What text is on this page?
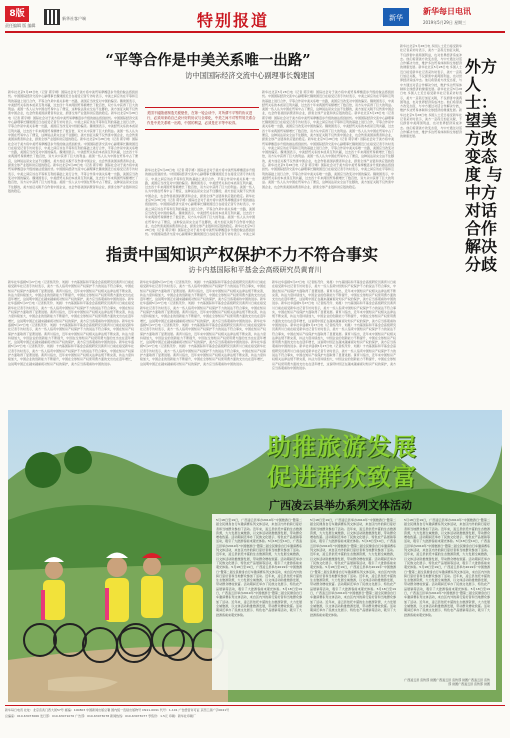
8版
责任编辑 版 编辑
新华社客户端	特别报道	新华
新华每日电讯
2019年5月29日 星期三
“平等合作是中美关系唯一出路”
访中国国际经济交流中心副理事长魏建国
新华社北京5月28日电（记者 郭宇靖）国际社会对于美方将中美贸易摩擦逐步升级的做法感到担忧。中国国际经济交流中心副理事长魏建国近日在接受记者专访时表示，中美之间应该在平等和互利的基础上进行合作，平等合作是中美关系唯一出路，美国应当改变对中国的偏见。魏建国表示，中美经贸关系的本质是互利共赢，过去四十年来两国贸易额增长了数百倍，双方从中获得了巨大的利益。美国一些人认为中国在贸易中占了便宜，这种说法是完全站不住脚的，美方加征关税不仅伤害中国企业，也会伤害美国消费者和企业，损害全球产业链和供应链的稳定。新华社北京5月28日电（记者 郭宇靖）国际社会对于美方将中美贸易摩擦逐步升级的做法感到担忧。中国国际经济交流中心副理事长魏建国近日在接受记者专访时表示，中美之间应该在平等和互利的基础上进行合作，平等合作是中美关系唯一出路，美国应当改变对中国的偏见。魏建国表示，中美经贸关系的本质是互利共赢，过去四十年来两国贸易额增长了数百倍，双方从中获得了巨大的利益。美国一些人认为中国在贸易中占了便宜，这种说法是完全站不住脚的，美方加征关税不仅伤害中国企业，也会伤害美国消费者和企业，损害全球产业链和供应链的稳定。新华社北京5月28日电（记者 郭宇靖）国际社会对于美方将中美贸易摩擦逐步升级的做法感到担忧。中国国际经济交流中心副理事长魏建国近日在接受记者专访时表示，中美之间应该在平等和互利的基础上进行合作，平等合作是中美关系唯一出路，美国应当改变对中国的偏见。魏建国表示，中美经贸关系的本质是互利共赢，过去四十年来两国贸易额增长了数百倍，双方从中获得了巨大的利益。美国一些人认为中国在贸易中占了便宜，这种说法是完全站不住脚的，美方加征关税不仅伤害中国企业，也会伤害美国消费者和企业，损害全球产业链和供应链的稳定。新华社北京5月28日电（记者 郭宇靖）国际社会对于美方将中美贸易摩擦逐步升级的做法感到担忧。中国国际经济交流中心副理事长魏建国近日在接受记者专访时表示，中美之间应该在平等和互利的基础上进行合作，平等合作是中美关系唯一出路，美国应当改变对中国的偏见。魏建国表示，中美经贸关系的本质是互利共赢，过去四十年来两国贸易额增长了数百倍，双方从中获得了巨大的利益。美国一些人认为中国在贸易中占了便宜，这种说法是完全站不住脚的，美方加征关税不仅伤害中国企业，也会伤害美国消费者和企业，损害全球产业链和供应链的稳定。
美国不能随意制造关税壁垒，在第一轮会谈中，对所谓不平等的协议进行，必须用来给自己设计好的协议与全球化，中美之间不对等贸易关系合作是中美关系唯一出路，中国的利益，必须是在平等中取得。
新华社北京5月28日电（记者 郭宇靖）国际社会对于美方将中美贸易摩擦逐步升级的做法感到担忧。中国国际经济交流中心副理事长魏建国近日在接受记者专访时表示，中美之间应该在平等和互利的基础上进行合作，平等合作是中美关系唯一出路，美国应当改变对中国的偏见。魏建国表示，中美经贸关系的本质是互利共赢，过去四十年来两国贸易额增长了数百倍，双方从中获得了巨大的利益。美国一些人认为中国在贸易中占了便宜，这种说法是完全站不住脚的，美方加征关税不仅伤害中国企业，也会伤害美国消费者和企业，损害全球产业链和供应链的稳定。新华社北京5月28日电（记者 郭宇靖）国际社会对于美方将中美贸易摩擦逐步升级的做法感到担忧。中国国际经济交流中心副理事长魏建国近日在接受记者专访时表示，中美之间应该在平等和互利的基础上进行合作，平等合作是中美关系唯一出路，美国应当改变对中国的偏见。魏建国表示，中美经贸关系的本质是互利共赢，过去四十年来两国贸易额增长了数百倍，双方从中获得了巨大的利益。美国一些人认为中国在贸易中占了便宜，这种说法是完全站不住脚的，美方加征关税不仅伤害中国企业，也会伤害美国消费者和企业，损害全球产业链和供应链的稳定。新华社北京5月28日电（记者 郭宇靖）国际社会对于美方将中美贸易摩擦逐步升级的做法感到担忧。中国国际经济交流中心副理事长魏建国近日在接受记者专访时表示，中美之间
新华社北京5月28日电（记者 郭宇靖）国际社会对于美方将中美贸易摩擦逐步升级的做法感到担忧。中国国际经济交流中心副理事长魏建国近日在接受记者专访时表示，中美之间应该在平等和互利的基础上进行合作，平等合作是中美关系唯一出路，美国应当改变对中国的偏见。魏建国表示，中美经贸关系的本质是互利共赢，过去四十年来两国贸易额增长了数百倍，双方从中获得了巨大的利益。美国一些人认为中国在贸易中占了便宜，这种说法是完全站不住脚的，美方加征关税不仅伤害中国企业，也会伤害美国消费者和企业，损害全球产业链和供应链的稳定。新华社北京5月28日电（记者 郭宇靖）国际社会对于美方将中美贸易摩擦逐步升级的做法感到担忧。中国国际经济交流中心副理事长魏建国近日在接受记者专访时表示，中美之间应该在平等和互利的基础上进行合作，平等合作是中美关系唯一出路，美国应当改变对中国的偏见。魏建国表示，中美经贸关系的本质是互利共赢，过去四十年来两国贸易额增长了数百倍，双方从中获得了巨大的利益。美国一些人认为中国在贸易中占了便宜，这种说法是完全站不住脚的，美方加征关税不仅伤害中国企业，也会伤害美国消费者和企业，损害全球产业链和供应链的稳定。新华社北京5月28日电（记者 郭宇靖）国际社会对于美方将中美贸易摩擦逐步升级的做法感到担忧。中国国际经济交流中心副理事长魏建国近日在接受记者专访时表示，中美之间应该在平等和互利的基础上进行合作，平等合作是中美关系唯一出路，美国应当改变对中国的偏见。魏建国表示，中美经贸关系的本质是互利共赢，过去四十年来两国贸易额增长了数百倍，双方从中获得了巨大的利益。美国一些人认为中国在贸易中占了便宜，这种说法是完全站不住脚的，美方加征关税不仅伤害中国企业，也会伤害美国消费者和企业，损害全球产业链和供应链的稳定。新华社北京5月28日电（记者 郭宇靖）国际社会对于美方将中美贸易摩擦逐步升级的做法感到担忧。中国国际经济交流中心副理事长魏建国近日在接受记者专访时表示，中美之间应该在平等和互利的基础上进行合作，平等合作是中美关系唯一出路，美国应当改变对中国的偏见。魏建国表示，中美经贸关系的本质是互利共赢，过去四十年来两国贸易额增长了数百倍，双方从中获得了巨大的利益。美国一些人认为中国在贸易中占了便宜，这种说法是完全站不住脚的，美方加征关税不仅伤害中国企业，也会伤害美国消费者和企业，损害全球产业链和供应链的稳定。
新华社北京5月28日电 多国人士近日接受新华社记者采访时表示，美方一意孤行加征关税，不仅损害中美两国利益，也对世界经济造成冲击。他们希望美方改变态度，与中方通过对话合作解决分歧，维护多边贸易体制和全球经济的健康发展。新华社北京5月28日电 多国人士近日接受新华社记者采访时表示，美方一意孤行加征关税，不仅损害中美两国利益，也对世界经济造成冲击。他们希望美方改变态度，与中方通过对话合作解决分歧，维护多边贸易体制和全球经济的健康发展。新华社北京5月28日电 多国人士近日接受新华社记者采访时表示，美方一意孤行加征关税，不仅损害中美两国利益，也对世界经济造成冲击。他们希望美方改变态度，与中方通过对话合作解决分歧，维护多边贸易体制和全球经济的健康发展。新华社北京5月28日电 多国人士近日接受新华社记者采访时表示，美方一意孤行加征关税，不仅损害中美两国利益，也对世界经济造成冲击。他们希望美方改变态度，与中方通过对话合作解决分歧，维护多边贸易体制和全球经济的健康发展。
外方人士：望美方改变态度 与中方对话合作解决分歧
指责中国知识产权保护不力不符合事实
访卡内基国际和平基金会高级研究员黄育川
新华社华盛顿5月27日电（记者熊茂伶、刘晨）卡内基国际和平基金会高级研究员黄育川日前在接受新华社记者专访时表示，美方一些人指责中国知识产权保护不力的说法不符合事实，中国在知识产权保护方面取得了显著进展。黄育川指出，近年来中国知识产权相关法律法规不断完善，执法力度持续加大，中国企业的创新能力不断提升，中国在全球知识产权使用费方面的支出也在逐年增长，这说明中国正在越来越重视对知识产权的保护，美方应当客观看待中国的进步。新华社华盛顿5月27日电（记者熊茂伶、刘晨）卡内基国际和平基金会高级研究员黄育川日前在接受新华社记者专访时表示，美方一些人指责中国知识产权保护不力的说法不符合事实，中国在知识产权保护方面取得了显著进展。黄育川指出，近年来中国知识产权相关法律法规不断完善，执法力度持续加大，中国企业的创新能力不断提升，中国在全球知识产权使用费方面的支出也在逐年增长，这说明中国正在越来越重视对知识产权的保护，美方应当客观看待中国的进步。新华社华盛顿5月27日电（记者熊茂伶、刘晨）卡内基国际和平基金会高级研究员黄育川日前在接受新华社记者专访时表示，美方一些人指责中国知识产权保护不力的说法不符合事实，中国在知识产权保护方面取得了显著进展。黄育川指出，近年来中国知识产权相关法律法规不断完善，执法力度持续加大，中国企业的创新能力不断提升，中国在全球知识产权使用费方面的支出也在逐年增长，这说明中国正在越来越重视对知识产权的保护，美方应当客观看待中国的进步。新华社华盛顿5月27日电（记者熊茂伶、刘晨）卡内基国际和平基金会高级研究员黄育川日前在接受新华社记者专访时表示，美方一些人指责中国知识产权保护不力的说法不符合事实，中国在知识产权保护方面取得了显著进展。黄育川指出，近年来中国知识产权相关法律法规不断完善，执法力度持续加大，中国企业的创新能力不断提升，中国在全球知识产权使用费方面的支出也在逐年增长，这说明中国正在越来越重视对知识产权的保护，美方应当客观看待中国的进步。
新华社华盛顿5月27日电（记者熊茂伶、刘晨）卡内基国际和平基金会高级研究员黄育川日前在接受新华社记者专访时表示，美方一些人指责中国知识产权保护不力的说法不符合事实，中国在知识产权保护方面取得了显著进展。黄育川指出，近年来中国知识产权相关法律法规不断完善，执法力度持续加大，中国企业的创新能力不断提升，中国在全球知识产权使用费方面的支出也在逐年增长，这说明中国正在越来越重视对知识产权的保护，美方应当客观看待中国的进步。新华社华盛顿5月27日电（记者熊茂伶、刘晨）卡内基国际和平基金会高级研究员黄育川日前在接受新华社记者专访时表示，美方一些人指责中国知识产权保护不力的说法不符合事实，中国在知识产权保护方面取得了显著进展。黄育川指出，近年来中国知识产权相关法律法规不断完善，执法力度持续加大，中国企业的创新能力不断提升，中国在全球知识产权使用费方面的支出也在逐年增长，这说明中国正在越来越重视对知识产权的保护，美方应当客观看待中国的进步。新华社华盛顿5月27日电（记者熊茂伶、刘晨）卡内基国际和平基金会高级研究员黄育川日前在接受新华社记者专访时表示，美方一些人指责中国知识产权保护不力的说法不符合事实，中国在知识产权保护方面取得了显著进展。黄育川指出，近年来中国知识产权相关法律法规不断完善，执法力度持续加大，中国企业的创新能力不断提升，中国在全球知识产权使用费方面的支出也在逐年增长，这说明中国正在越来越重视对知识产权的保护，美方应当客观看待中国的进步。新华社华盛顿5月27日电（记者熊茂伶、刘晨）卡内基国际和平基金会高级研究员黄育川日前在接受新华社记者专访时表示，美方一些人指责中国知识产权保护不力的说法不符合事实，中国在知识产权保护方面取得了显著进展。黄育川指出，近年来中国知识产权相关法律法规不断完善，执法力度持续加大，中国企业的创新能力不断提升，中国在全球知识产权使用费方面的支出也在逐年增长，这说明中国正在越来越重视对知识产权的保护，美方应当客观看待中国的进步。
新华社华盛顿5月27日电（记者熊茂伶、刘晨）卡内基国际和平基金会高级研究员黄育川日前在接受新华社记者专访时表示，美方一些人指责中国知识产权保护不力的说法不符合事实，中国在知识产权保护方面取得了显著进展。黄育川指出，近年来中国知识产权相关法律法规不断完善，执法力度持续加大，中国企业的创新能力不断提升，中国在全球知识产权使用费方面的支出也在逐年增长，这说明中国正在越来越重视对知识产权的保护，美方应当客观看待中国的进步。新华社华盛顿5月27日电（记者熊茂伶、刘晨）卡内基国际和平基金会高级研究员黄育川日前在接受新华社记者专访时表示，美方一些人指责中国知识产权保护不力的说法不符合事实，中国在知识产权保护方面取得了显著进展。黄育川指出，近年来中国知识产权相关法律法规不断完善，执法力度持续加大，中国企业的创新能力不断提升，中国在全球知识产权使用费方面的支出也在逐年增长，这说明中国正在越来越重视对知识产权的保护，美方应当客观看待中国的进步。新华社华盛顿5月27日电（记者熊茂伶、刘晨）卡内基国际和平基金会高级研究员黄育川日前在接受新华社记者专访时表示，美方一些人指责中国知识产权保护不力的说法不符合事实，中国在知识产权保护方面取得了显著进展。黄育川指出，近年来中国知识产权相关法律法规不断完善，执法力度持续加大，中国企业的创新能力不断提升，中国在全球知识产权使用费方面的支出也在逐年增长，这说明中国正在越来越重视对知识产权的保护，美方应当客观看待中国的进步。新华社华盛顿5月27日电（记者熊茂伶、刘晨）卡内基国际和平基金会高级研究员黄育川日前在接受新华社记者专访时表示，美方一些人指责中国知识产权保护不力的说法不符合事实，中国在知识产权保护方面取得了显著进展。黄育川指出，近年来中国知识产权相关法律法规不断完善，执法力度持续加大，中国企业的创新能力不断提升，中国在全球知识产权使用费方面的支出也在逐年增长，这说明中国正在越来越重视对知识产权的保护，美方应当客观看待中国的进步。
助推旅游发展
促进群众致富
广西凌云县举办系列文体活动
5月18日至19日，广西凌云县举办2019年“中国旅游日”暨第二届全民健身自行车邀请赛系列文体活动，来自区内外的骑行爱好者和当地群众参加了活动。近年来，凌云县依托丰富的生态旅游资源，大力发展全域旅游，以文体活动助推旅游发展，带动群众增收致富。活动期间还举办了民族文化展示、特色农产品展销等活动，吸引了大批游客前来观光体验。5月18日至19日，广西凌云县举办2019年“中国旅游日”暨第二届全民健身自行车邀请赛系列文体活动，来自区内外的骑行爱好者和当地群众参加了活动。近年来，凌云县依托丰富的生态旅游资源，大力发展全域旅游，以文体活动助推旅游发展，带动群众增收致富。活动期间还举办了民族文化展示、特色农产品展销等活动，吸引了大批游客前来观光体验。5月18日至19日，广西凌云县举办2019年“中国旅游日”暨第二届全民健身自行车邀请赛系列文体活动，来自区内外的骑行爱好者和当地群众参加了活动。近年来，凌云县依托丰富的生态旅游资源，大力发展全域旅游，以文体活动助推旅游发展，带动群众增收致富。活动期间还举办了民族文化展示、特色农产品展销等活动，吸引了大批游客前来观光体验。5月18日至19日，广西凌云县举办2019年“中国旅游日”暨第二届全民健身自行车邀请赛系列文体活动，来自区内外的骑行爱好者和当地群众参加了活动。近年来，凌云县依托丰富的生态旅游资源，大力发展全域旅游，以文体活动助推旅游发展，带动群众增收致富。活动期间还举办了民族文化展示、特色农产品展销等活动，吸引了大批游客前来观光体验。
5月18日至19日，广西凌云县举办2019年“中国旅游日”暨第二届全民健身自行车邀请赛系列文体活动，来自区内外的骑行爱好者和当地群众参加了活动。近年来，凌云县依托丰富的生态旅游资源，大力发展全域旅游，以文体活动助推旅游发展，带动群众增收致富。活动期间还举办了民族文化展示、特色农产品展销等活动，吸引了大批游客前来观光体验。5月18日至19日，广西凌云县举办2019年“中国旅游日”暨第二届全民健身自行车邀请赛系列文体活动，来自区内外的骑行爱好者和当地群众参加了活动。近年来，凌云县依托丰富的生态旅游资源，大力发展全域旅游，以文体活动助推旅游发展，带动群众增收致富。活动期间还举办了民族文化展示、特色农产品展销等活动，吸引了大批游客前来观光体验。5月18日至19日，广西凌云县举办2019年“中国旅游日”暨第二届全民健身自行车邀请赛系列文体活动，来自区内外的骑行爱好者和当地群众参加了活动。近年来，凌云县依托丰富的生态旅游资源，大力发展全域旅游，以文体活动助推旅游发展，带动群众增收致富。活动期间还举办了民族文化展示、特色农产品展销等活动，吸引了大批游客前来观光体验。5月18日至19日，广西凌云县举办2019年“中国旅游日”暨第二届全民健身自行车邀请赛系列文体活动，来自区内外的骑行爱好者和当地群众参加了活动。近年来，凌云县依托丰富的生态旅游资源，大力发展全域旅游，以文体活动助推旅游发展，带动群众增收致富。活动期间还举办了民族文化展示、特色农产品展销等活动，吸引了大批游客前来观光体验。
5月18日至19日，广西凌云县举办2019年“中国旅游日”暨第二届全民健身自行车邀请赛系列文体活动，来自区内外的骑行爱好者和当地群众参加了活动。近年来，凌云县依托丰富的生态旅游资源，大力发展全域旅游，以文体活动助推旅游发展，带动群众增收致富。活动期间还举办了民族文化展示、特色农产品展销等活动，吸引了大批游客前来观光体验。5月18日至19日，广西凌云县举办2019年“中国旅游日”暨第二届全民健身自行车邀请赛系列文体活动，来自区内外的骑行爱好者和当地群众参加了活动。近年来，凌云县依托丰富的生态旅游资源，大力发展全域旅游，以文体活动助推旅游发展，带动群众增收致富。活动期间还举办了民族文化展示、特色农产品展销等活动，吸引了大批游客前来观光体验。5月18日至19日，广西凌云县举办2019年“中国旅游日”暨第二届全民健身自行车邀请赛系列文体活动，来自区内外的骑行爱好者和当地群众参加了活动。近年来，凌云县依托丰富的生态旅游资源，大力发展全域旅游，以文体活动助推旅游发展，带动群众增收致富。活动期间还举办了民族文化展示、特色农产品展销等活动，吸引了大批游客前来观光体验。5月18日至19日，广西凌云县举办2019年“中国旅游日”暨第二届全民健身自行车邀请赛系列文体活动，来自区内外的骑行爱好者和当地群众参加了活动。近年来，凌云县依托丰富的生态旅游资源，大力发展全域旅游，以文体活动助推旅游发展，带动群众增收致富。活动期间还举办了民族文化展示、特色农产品展销等活动，吸引了大批游客前来观光体验。
广西凌云县 宣传部 供图广西凌云县 宣传部 供图广西凌云县 宣传部 供图广西凌云县 宣传部 供图
新华每日电讯 社址：北京宣武门西大街57号 邮编：100803 中国新闻出版总署 国内统一连续出版物号 CN11-0091 代号：1-101 广告经营许可证 京西工商广字0041号
总编室：010-63073066 发行部：010-63071076 广告部：010-63073078 新闻热线：010-63073077 零售价：1.5元 印刷：新华社印刷厂
